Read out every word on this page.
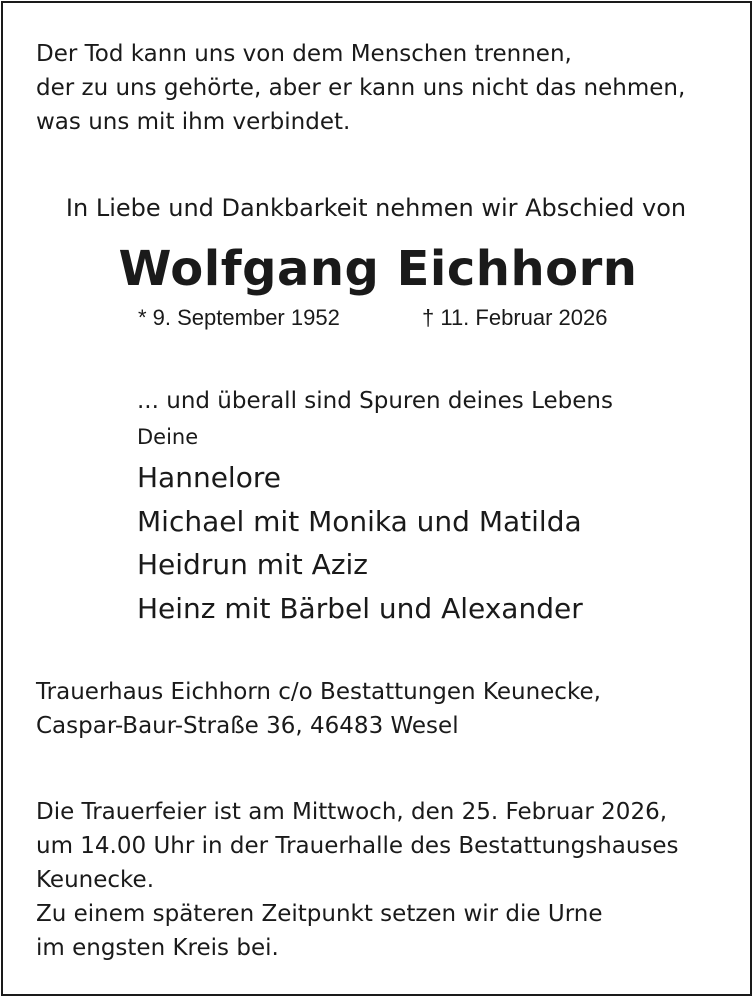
Der Tod kann uns von dem Menschen trennen,
der zu uns gehörte, aber er kann uns nicht das nehmen,
was uns mit ihm verbindet.
In Liebe und Dankbarkeit nehmen wir Abschied von
Wolfgang Eichhorn
* 9. September 1952	† 11. Februar 2026
... und überall sind Spuren deines Lebens
Deine
Hannelore
Michael mit Monika und Matilda
Heidrun mit Aziz
Heinz mit Bärbel und Alexander
Trauerhaus Eichhorn c/o Bestattungen Keunecke,
Caspar-Baur-Straße 36, 46483 Wesel
Die Trauerfeier ist am Mittwoch, den 25. Februar 2026,
um 14.00 Uhr in der Trauerhalle des Bestattungshauses
Keunecke.
Zu einem späteren Zeitpunkt setzen wir die Urne
im engsten Kreis bei.
